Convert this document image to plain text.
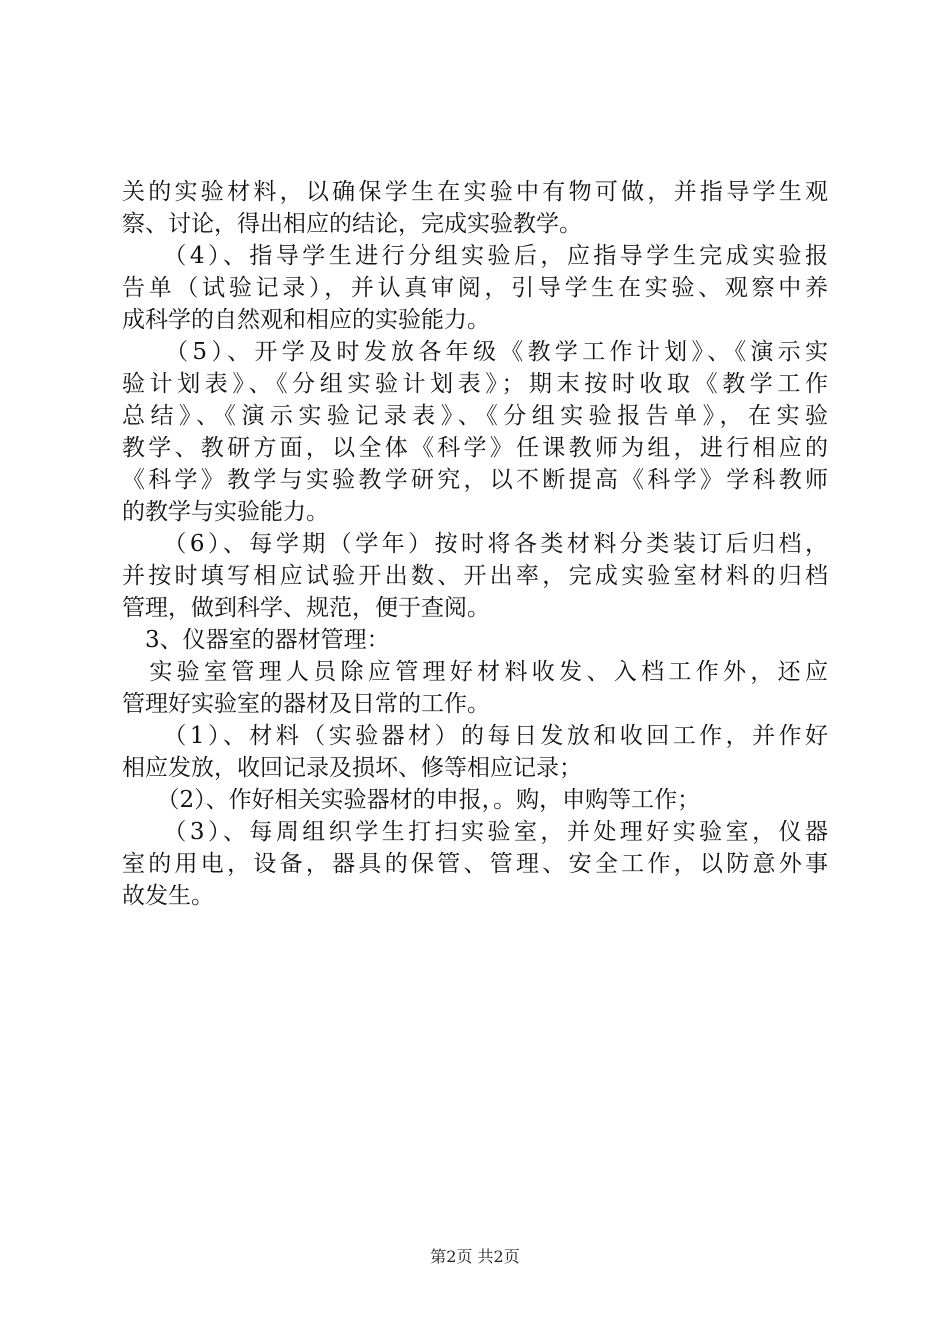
关的实验材料，以确保学生在实验中有物可做，并指导学生观
察、讨论，得出相应的结论，完成实验教学。
　　（4）、指导学生进行分组实验后，应指导学生完成实验报
告单（试验记录），并认真审阅，引导学生在实验、观察中养
成科学的自然观和相应的实验能力。
　　（5）、开学及时发放各年级《教学工作计划》、《演示实
验计划表》、《分组实验计划表》；期末按时收取《教学工作
总结》、《演示实验记录表》、《分组实验报告单》，在实验
教学、教研方面，以全体《科学》任课教师为组，进行相应的
《科学》教学与实验教学研究，以不断提高《科学》学科教师
的教学与实验能力。
　　（6）、每学期（学年）按时将各类材料分类装订后归档，
并按时填写相应试验开出数、开出率，完成实验室材料的归档
管理，做到科学、规范，便于查阅。
　3、仪器室的器材管理：
　实验室管理人员除应管理好材料收发、入档工作外，还应
管理好实验室的器材及日常的工作。
　　（1）、材料（实验器材）的每日发放和收回工作，并作好
相应发放，收回记录及损坏、修等相应记录；
　　（2）、作好相关实验器材的申报，。购，申购等工作；
　　（3）、每周组织学生打扫实验室，并处理好实验室，仪器
室的用电，设备，器具的保管、管理、安全工作，以防意外事
故发生。
第2页 共2页
